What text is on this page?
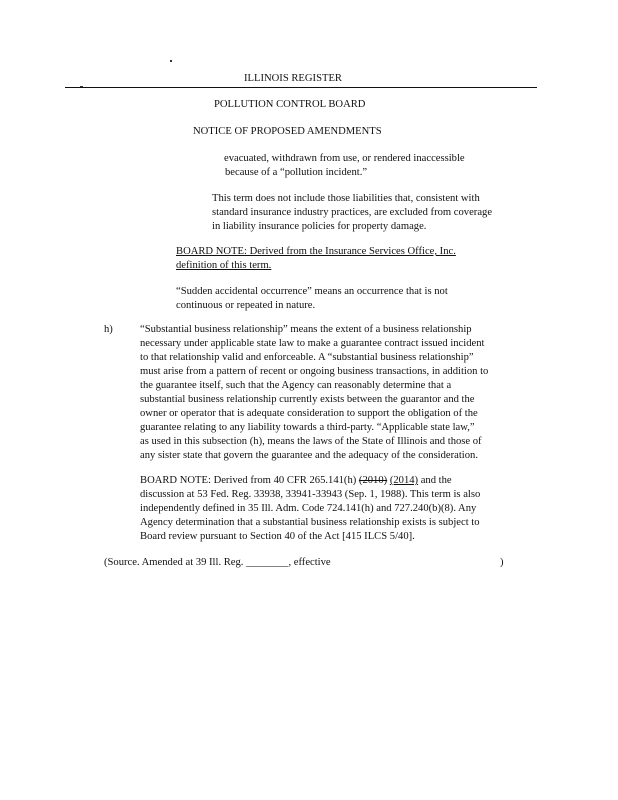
ILLINOIS REGISTER
POLLUTION CONTROL BOARD
NOTICE OF PROPOSED AMENDMENTS
evacuated, withdrawn from use, or rendered inaccessible
because of a “pollution incident.”
This term does not include those liabilities that, consistent with
standard insurance industry practices, are excluded from coverage
in liability insurance policies for property damage.
BOARD NOTE: Derived from the Insurance Services Office, Inc.
definition of this term.
“Sudden accidental occurrence” means an occurrence that is not
continuous or repeated in nature.
h)	“Substantial business relationship” means the extent of a business relationship
necessary under applicable state law to make a guarantee contract issued incident
to that relationship valid and enforceable. A “substantial business relationship”
must arise from a pattern of recent or ongoing business transactions, in addition to
the guarantee itself, such that the Agency can reasonably determine that a
substantial business relationship currently exists between the guarantor and the
owner or operator that is adequate consideration to support the obligation of the
guarantee relating to any liability towards a third-party. “Applicable state law,”
as used in this subsection (h), means the laws of the State of Illinois and those of
any sister state that govern the guarantee and the adequacy of the consideration.
BOARD NOTE: Derived from 40 CFR 265.141(h) (2010) (2014) and the
discussion at 53 Fed. Reg. 33938, 33941-33943 (Sep. 1, 1988). This term is also
independently defined in 35 Ill. Adm. Code 724.141(h) and 727.240(b)(8). Any
Agency determination that a substantial business relationship exists is subject to
Board review pursuant to Section 40 of the Act [415 ILCS 5/40].
(Source. Amended at 39 Ill. Reg. ________, effective	)
